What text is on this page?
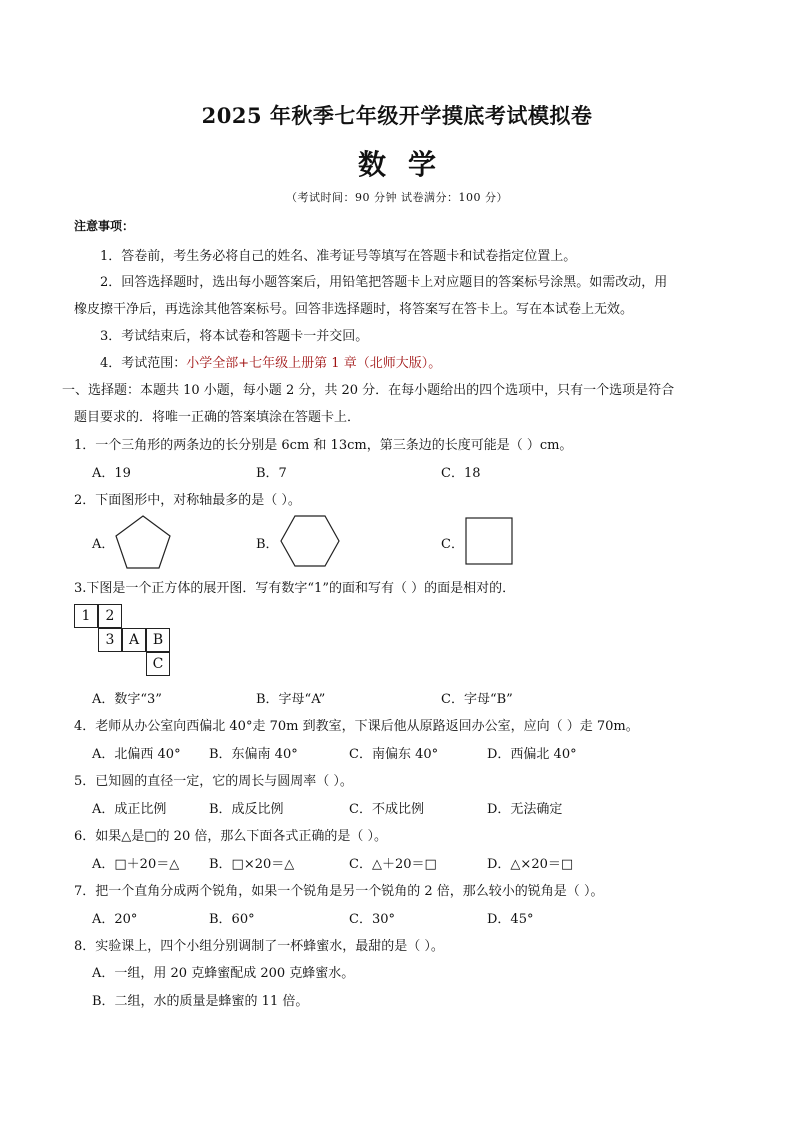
2025 年秋季七年级开学摸底考试模拟卷
数学
（考试时间：90 分钟 试卷满分：100 分）
注意事项：
1．答卷前，考生务必将自己的姓名、准考证号等填写在答题卡和试卷指定位置上。
2．回答选择题时，选出每小题答案后，用铅笔把答题卡上对应题目的答案标号涂黑。如需改动，用
橡皮擦干净后，再选涂其他答案标号。回答非选择题时，将答案写在答卡上。写在本试卷上无效。
3．考试结束后，将本试卷和答题卡一并交回。
4．考试范围：小学全部+七年级上册第 1 章（北师大版）。
一、选择题：本题共 10 小题，每小题 2 分，共 20 分．在每小题给出的四个选项中，只有一个选项是符合
题目要求的．将唯一正确的答案填涂在答题卡上．
1．一个三角形的两条边的长分别是 6cm 和 13cm，第三条边的长度可能是（ ）cm。
A．19	B．7	C．18
2．下面图形中，对称轴最多的是（ ）。
A．	B．	C．
3.下图是一个正方体的展开图．写有数字“1”的面和写有（ ）的面是相对的．
1	2
3	A B
C
A．数字“3”	B．字母“A”	C．字母“B”
4．老师从办公室向西偏北 40°走 70m 到教室，下课后他从原路返回办公室，应向（ ）走 70m。
A．北偏西 40° B．东偏南 40°	C．南偏东 40°	D．西偏北 40°
5．已知圆的直径一定，它的周长与圆周率（ ）。
A．成正比例	B．成反比例	C．不成比例	D．无法确定
6．如果△是□的 20 倍，那么下面各式正确的是（ ）。
A．□＋20＝△ B．□×20＝△	C．△＋20＝□	D．△×20＝□
7．把一个直角分成两个锐角，如果一个锐角是另一个锐角的 2 倍，那么较小的锐角是（ ）。
A．20°	B．60°	C．30°	D．45°
8．实验课上，四个小组分别调制了一杯蜂蜜水，最甜的是（ ）。
A．一组，用 20 克蜂蜜配成 200 克蜂蜜水。
B．二组，水的质量是蜂蜜的 11 倍。
